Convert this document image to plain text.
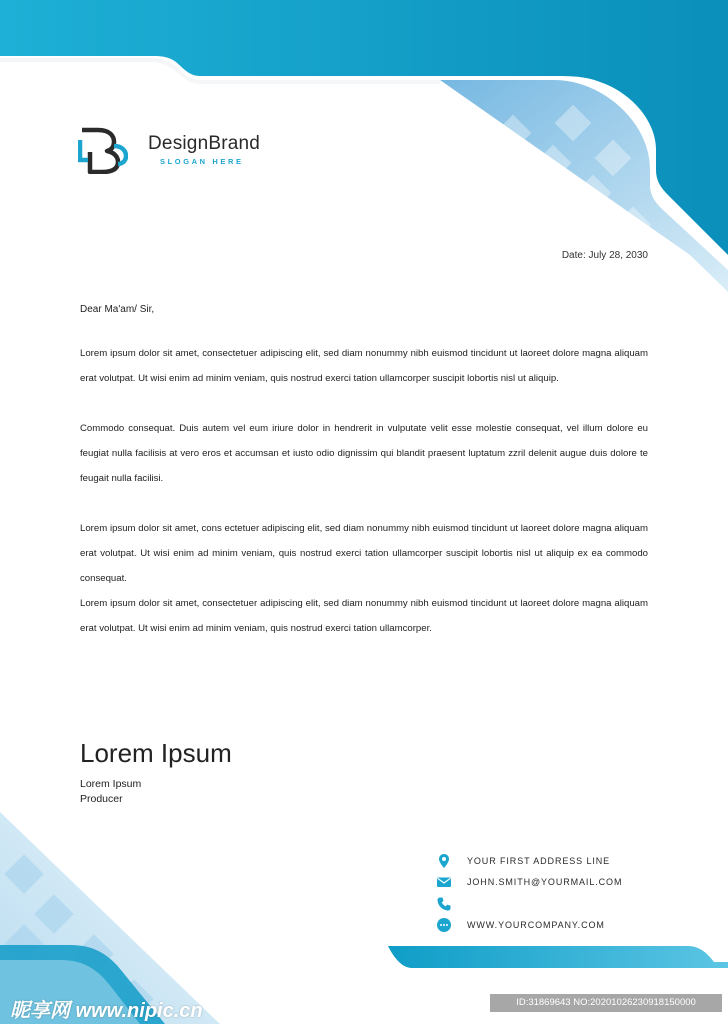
DesignBrand
SLOGAN HERE
Date: July 28, 2030
Dear Ma'am/ Sir,

Lorem ipsum dolor sit amet, consectetuer adipiscing elit, sed diam nonummy nibh euismod tincidunt ut laoreet dolore magna aliquam erat volutpat. Ut wisi enim ad minim veniam, quis nostrud exerci tation ullamcorper suscipit lobortis nisl ut aliquip.

Commodo consequat. Duis autem vel eum iriure dolor in hendrerit in vulputate velit esse molestie consequat, vel illum dolore eu feugiat nulla facilisis at vero eros et accumsan et iusto odio dignissim qui blandit praesent luptatum zzril delenit augue duis dolore te feugait nulla facilisi.

Lorem ipsum dolor sit amet, cons ectetuer adipiscing elit, sed diam nonummy nibh euismod tincidunt ut laoreet dolore magna aliquam erat volutpat. Ut wisi enim ad minim veniam, quis nostrud exerci tation ullamcorper suscipit lobortis nisl ut aliquip ex ea commodo consequat.

Lorem ipsum dolor sit amet, consectetuer adipiscing elit, sed diam nonummy nibh euismod tincidunt ut laoreet dolore magna aliquam erat volutpat. Ut wisi enim ad minim veniam, quis nostrud exerci tation ullamcorper.

Lorem Ipsum
Lorem Ipsum
Producer
YOUR FIRST ADDRESS LINE
JOHN.SMITH@YOURMAIL.COM
WWW.YOURCOMPANY.COM
昵享网 www.nipic.cn	ID:31869643 NO:20201026230918150000
